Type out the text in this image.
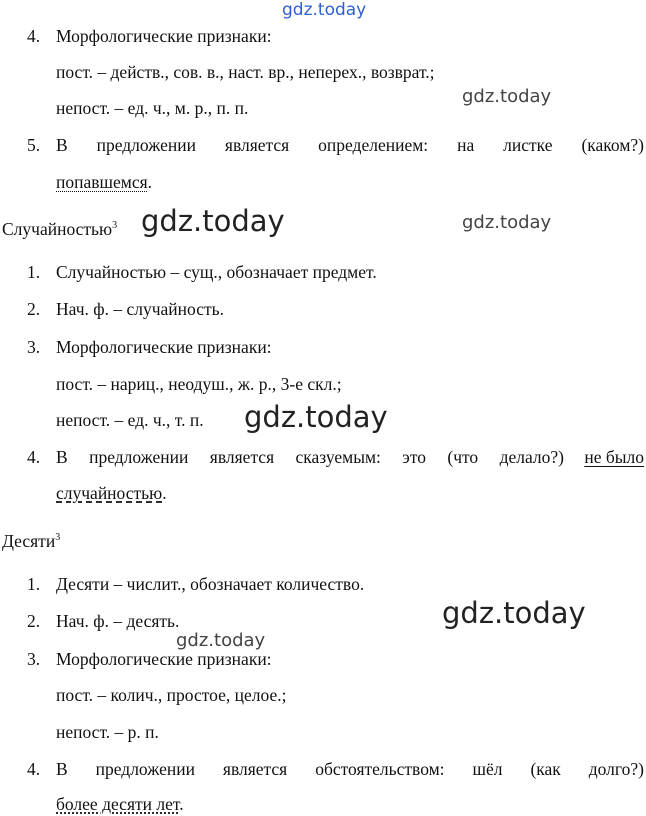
gdz.today
gdz.today
gdz.today	gdz.today
gdz.today
gdz.today
gdz.today
4. Морфологические признаки:
пост. – действ., сов. в., наст. вр., неперех., возврат.;
непост. – ед. ч., м. р., п. п.
5. В предложении является определением: на листке (каком?)
попавшемся.
Случайностью$^3$
1. Случайностью – сущ., обозначает предмет.
2. Нач. ф. – случайность.
3. Морфологические признаки:
пост. – нариц., неодуш., ж. р., 3-е скл.;
непост. – ед. ч., т. п.
4. В предложении является сказуемым: это (что делало?) не было
случайностью.
Десяти$^3$
1. Десяти – числит., обозначает количество.
2. Нач. ф. – десять.
3. Морфологические признаки:
пост. – колич., простое, целое.;
непост. – р. п.
4. В предложении является обстоятельством: шёл (как долго?)
более десяти лет.
